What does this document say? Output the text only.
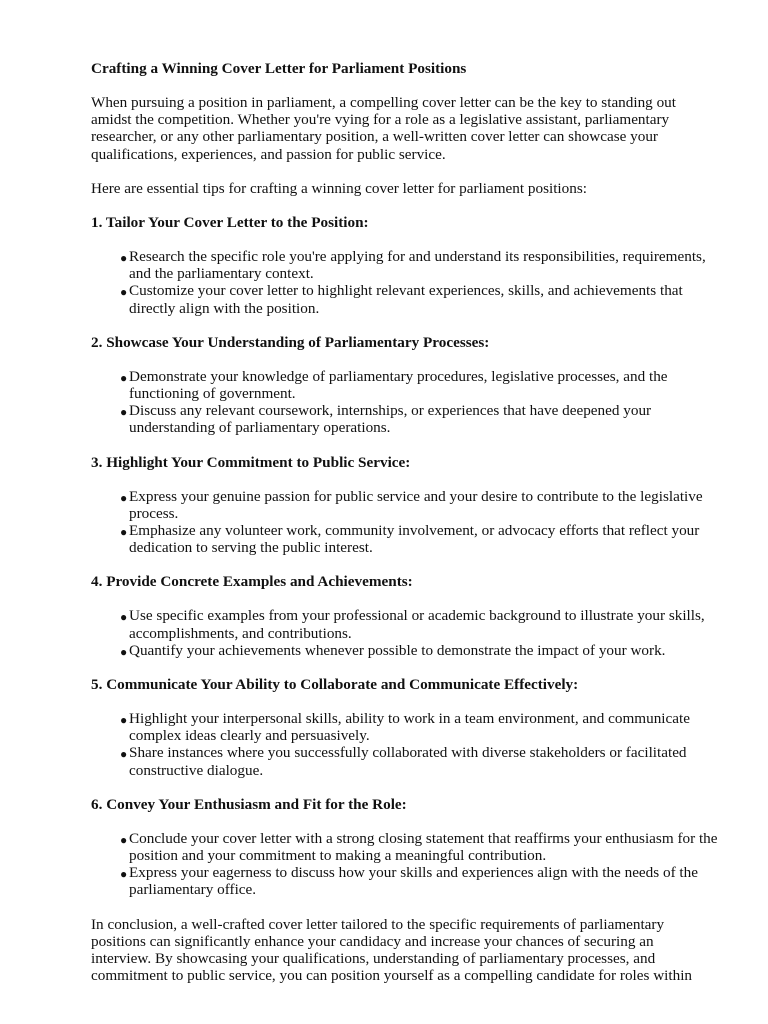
Crafting a Winning Cover Letter for Parliament Positions

When pursuing a position in parliament, a compelling cover letter can be the key to standing out amidst the competition. Whether you're vying for a role as a legislative assistant, parliamentary researcher, or any other parliamentary position, a well-written cover letter can showcase your qualifications, experiences, and passion for public service.

Here are essential tips for crafting a winning cover letter for parliament positions:

1. Tailor Your Cover Letter to the Position:
● Research the specific role you're applying for and understand its responsibilities, requirements, and the parliamentary context.
● Customize your cover letter to highlight relevant experiences, skills, and achievements that directly align with the position.
2. Showcase Your Understanding of Parliamentary Processes:
● Demonstrate your knowledge of parliamentary procedures, legislative processes, and the functioning of government.
● Discuss any relevant coursework, internships, or experiences that have deepened your understanding of parliamentary operations.
3. Highlight Your Commitment to Public Service:
● Express your genuine passion for public service and your desire to contribute to the legislative process.
● Emphasize any volunteer work, community involvement, or advocacy efforts that reflect your dedication to serving the public interest.
4. Provide Concrete Examples and Achievements:
● Use specific examples from your professional or academic background to illustrate your skills, accomplishments, and contributions.
● Quantify your achievements whenever possible to demonstrate the impact of your work.
5. Communicate Your Ability to Collaborate and Communicate Effectively:
● Highlight your interpersonal skills, ability to work in a team environment, and communicate complex ideas clearly and persuasively.
● Share instances where you successfully collaborated with diverse stakeholders or facilitated constructive dialogue.
6. Convey Your Enthusiasm and Fit for the Role:
● Conclude your cover letter with a strong closing statement that reaffirms your enthusiasm for the position and your commitment to making a meaningful contribution.
● Express your eagerness to discuss how your skills and experiences align with the needs of the parliamentary office.

In conclusion, a well-crafted cover letter tailored to the specific requirements of parliamentary positions can significantly enhance your candidacy and increase your chances of securing an interview. By showcasing your qualifications, understanding of parliamentary processes, and commitment to public service, you can position yourself as a compelling candidate for roles within
